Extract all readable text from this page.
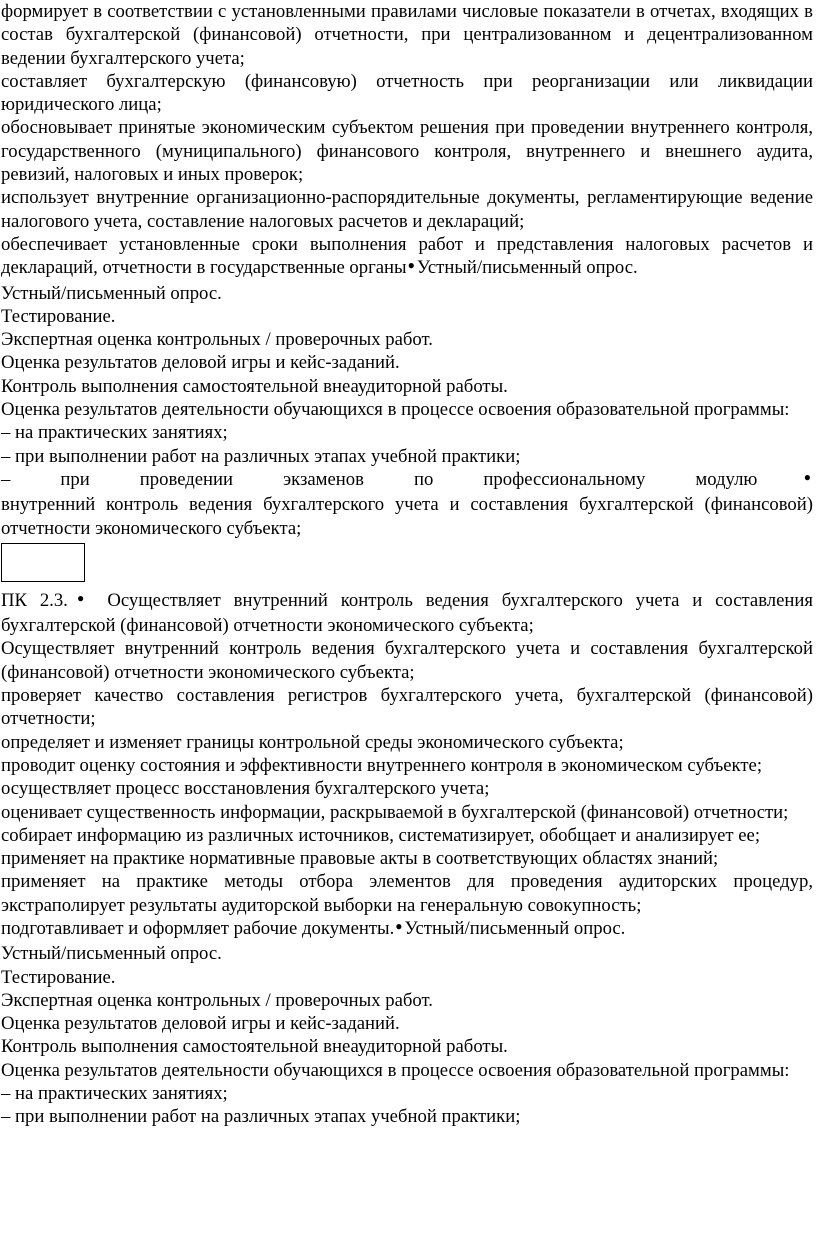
формирует в соответствии с установленными правилами числовые показатели в отчетах, входящих в состав бухгалтерской (финансовой) отчетности, при централизованном и децентрализованном ведении бухгалтерского учета;

составляет бухгалтерскую (финансовую) отчетность при реорганизации или ликвидации юридического лица;

обосновывает принятые экономическим субъектом решения при проведении внутреннего контроля, государственного (муниципального) финансового контроля, внутреннего и внешнего аудита, ревизий, налоговых и иных проверок;

использует внутренние организационно-распорядительные документы, регламентирующие ведение налогового учета, составление налоговых расчетов и деклараций;

обеспечивает установленные сроки выполнения работ и представления налоговых расчетов и деклараций, отчетности в государственные органы● Устный/письменный опрос.

Устный/письменный опрос.

Тестирование.

Экспертная оценка контрольных / проверочных работ.

Оценка результатов деловой игры и кейс-заданий.

Контроль выполнения самостоятельной внеаудиторной работы.

Оценка результатов деятельности обучающихся в процессе освоения образовательной программы:

– на практических занятиях;

– при выполнении работ на различных этапах учебной практики;

– при проведении экзаменов по профессиональному модулю●

внутренний контроль ведения бухгалтерского учета и составления бухгалтерской (финансовой) отчетности экономического субъекта;

ПК 2.3.● Осуществляет внутренний контроль ведения бухгалтерского учета и составления бухгалтерской (финансовой) отчетности экономического субъекта;

Осуществляет внутренний контроль ведения бухгалтерского учета и составления бухгалтерской (финансовой) отчетности экономического субъекта;

проверяет качество составления регистров бухгалтерского учета, бухгалтерской (финансовой) отчетности;

определяет и изменяет границы контрольной среды экономического субъекта;

проводит оценку состояния и эффективности внутреннего контроля в экономическом субъекте;

осуществляет процесс восстановления бухгалтерского учета;

оценивает существенность информации, раскрываемой в бухгалтерской (финансовой) отчетности;

собирает информацию из различных источников, систематизирует, обобщает и анализирует ее;

применяет на практике нормативные правовые акты в соответствующих областях знаний;

применяет на практике методы отбора элементов для проведения аудиторских процедур, экстраполирует результаты аудиторской выборки на генеральную совокупность;

подготавливает и оформляет рабочие документы.● Устный/письменный опрос.

Устный/письменный опрос.

Тестирование.

Экспертная оценка контрольных / проверочных работ.

Оценка результатов деловой игры и кейс-заданий.

Контроль выполнения самостоятельной внеаудиторной работы.

Оценка результатов деятельности обучающихся в процессе освоения образовательной программы:

– на практических занятиях;

– при выполнении работ на различных этапах учебной практики;
